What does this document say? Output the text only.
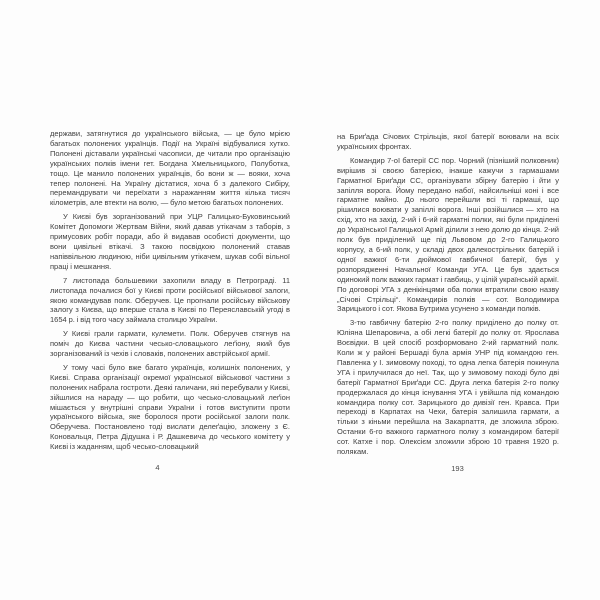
держави, затягнутися до українського війська, — це було мрією багатьох полонених українців. Події на Україні відбувалися хутко. Полонені діставали українські часописи, де читали про організацію українських полків імени гет. Богдана Хмельницького, Полуботка, тощо. Це манило полонених українців, бо вони ж — вояки, хоча тепер полонені. На Україну дістатися, хоча б з далекого Сибіру, перемандрувати чи переїхати з наражанням життя кілька тисяч кілометрів, але втекти на волю, — було метою багатьох полонених.

У Києві був зорганізований при УЦР Галицько-Буковинський Комітет Допомоги Жертвам Війни, який давав утікачам з таборів, з примусових робіт поради, або й видавав особисті документи, що вони цивільні втікачі. З такою посвідкою полонений ставав напіввільною людиною, ніби цивільним утікачем, шукав собі вільної праці і мешкання.

7 листопада большевики захопили владу в Петрограді. 11 листопада почалися бої у Києві проти російської військової залоги, якою командував полк. Оберучев. Це прогнали російську військову залогу з Києва, що вперше стала в Києві по Переяславській угоді в 1654 р. і від того часу займала столицю України.

У Києві грали гармати, кулемети. Полк. Оберучев стягнув на поміч до Києва частини чесько-словацького леґіону, який був зорганізований із чехів і словаків, полонених австрійської армії.

У тому часі було вже багато українців, колишніх полонених, у Києві. Справа організації окремої української військової частини з полонених набрала гостроти. Деякі галичани, які перебували у Києві, зійшлися на нараду — що робити, що чесько-словацький леґіон мішається у внутрішні справи України і готов виступити проти українського війська, яке боролося проти російської залоги полк. Оберучева. Постановлено тоді вислати делеґацію, зложену з Є. Коновальця, Петра Дідушка і Р. Дашкевича до чеського комітету у Києві із жаданням, щоб чесько-словацький

4

на Бриґада Січових Стрільців, якої батерії воювали на всіх українських фронтах.

Командир 7-ої батерії СС пор. Чорний (пізніший полковник) вирішив зі своєю батерією, інакше кажучи з гармашами Гарматної Бриґади СС, організувати збірну батерію і йти у запілля ворога. Йому передано набої, найсильніші коні і все гарматне майно. До нього перейшли всі ті гармаші, що рішилися воювати у запіллі ворога. Інші розійшлися — хто на схід, хто на захід. 2-ий і 6-ий гарматні полки, які були приділені до Української Галицької Армії ділили з нею долю до кінця. 2-ий полк був приділений ще під Львовом до 2-го Галицького корпусу, а 6-ий полк, у складі двох далекострільних батерій і одної важкої 6-ти дюймової гавбичної батерії, був у розпорядженні Начальної Команди УГА. Це був здається одинокий полк важких гармат і гавбиць, у цілій українській армії. По договорі УГА з денікінцями оба полки втратили свою назву „Січові Стрільці“. Командирів полків — сот. Володимира Зарицького і сот. Якова Бутрима усунено з команди полків.

3-тю гавбичну батерію 2-го полку приділено до полку от. Юліяна Шепаровича, а обі легкі батерії до полку от. Ярослава Воєвідки. В цей спосіб розформовано 2-ий гарматний полк. Коли ж у районі Бершаді була армія УНР під командою ген. Павленка у І. зимовому поході, то одна легка батерія покинула УГА і прилучилася до неї. Так, що у зимовому поході було дві батерії Гарматної Бриґади СС. Друга легка батерія 2-го полку продержалася до кінця існування УГА і увійшла під командою командира полку сот. Зарицького до дивізії ген. Кравса. При переході в Карпатах на Чехи, батерія залишила гармати, а тільки з кіньми перейшла на Закарпаття, де зложила зброю. Останки 6-го важкого гарматного полку з командиром батерії сот. Катхе і пор. Олексієм зложили зброю 10 травня 1920 р. полякам.

193
